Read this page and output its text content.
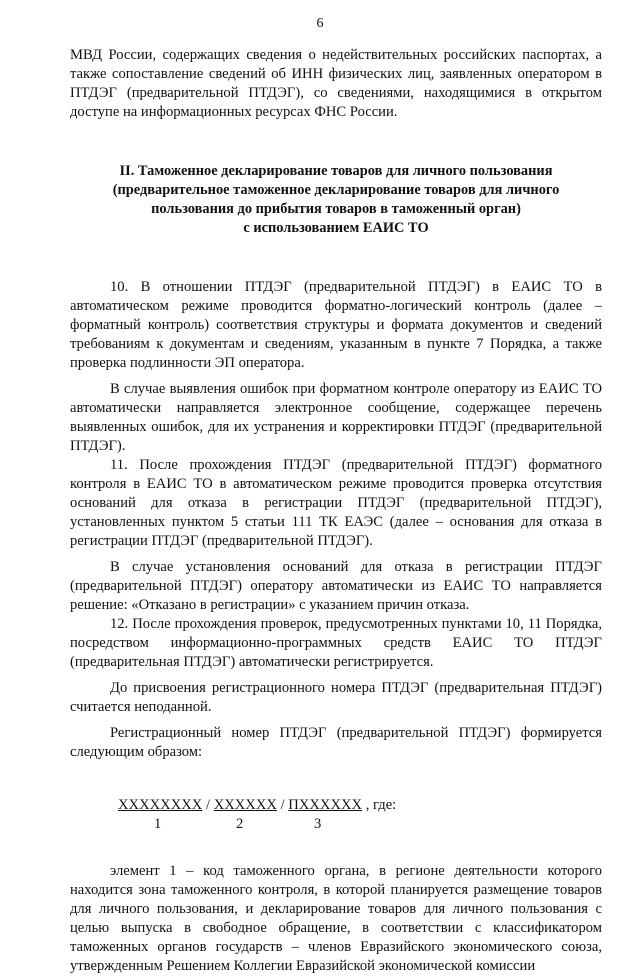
6

МВД России, содержащих сведения о недействительных российских паспортах, а также сопоставление сведений об ИНН физических лиц, заявленных оператором в ПТДЭГ (предварительной ПТДЭГ), со сведениями, находящимися в открытом доступе на информационных ресурсах ФНС России.

II. Таможенное декларирование товаров для личного пользования
(предварительное таможенное декларирование товаров для личного
пользования до прибытия товаров в таможенный орган)
с использованием ЕАИС ТО

10. В отношении ПТДЭГ (предварительной ПТДЭГ) в ЕАИС ТО в автоматическом режиме проводится форматно-логический контроль (далее – форматный контроль) соответствия структуры и формата документов и сведений требованиям к документам и сведениям, указанным в пункте 7 Порядка, а также проверка подлинности ЭП оператора.

В случае выявления ошибок при форматном контроле оператору из ЕАИС ТО автоматически направляется электронное сообщение, содержащее перечень выявленных ошибок, для их устранения и корректировки ПТДЭГ (предварительной ПТДЭГ).

11. После прохождения ПТДЭГ (предварительной ПТДЭГ) форматного контроля в ЕАИС ТО в автоматическом режиме проводится проверка отсутствия оснований для отказа в регистрации ПТДЭГ (предварительной ПТДЭГ), установленных пунктом 5 статьи 111 ТК ЕАЭС (далее – основания для отказа в регистрации ПТДЭГ (предварительной ПТДЭГ).

В случае установления оснований для отказа в регистрации ПТДЭГ (предварительной ПТДЭГ) оператору автоматически из ЕАИС ТО направляется решение: «Отказано в регистрации» с указанием причин отказа.

12. После прохождения проверок, предусмотренных пунктами 10, 11 Порядка, посредством информационно-программных средств ЕАИС ТО ПТДЭГ (предварительная ПТДЭГ) автоматически регистрируется.

До присвоения регистрационного номера ПТДЭГ (предварительная ПТДЭГ) считается неподанной.

Регистрационный номер ПТДЭГ (предварительной ПТДЭГ) формируется следующим образом:

ХХХХХХХХ / ХХХХХХ / ПХХХХХХ , где:
1	2	3

элемент 1 – код таможенного органа, в регионе деятельности которого находится зона таможенного контроля, в которой планируется размещение товаров для личного пользования, и декларирование товаров для личного пользования с целью выпуска в свободное обращение, в соответствии с классификатором таможенных органов государств – членов Евразийского экономического союза, утвержденным Решением Коллегии Евразийской экономической комиссии
